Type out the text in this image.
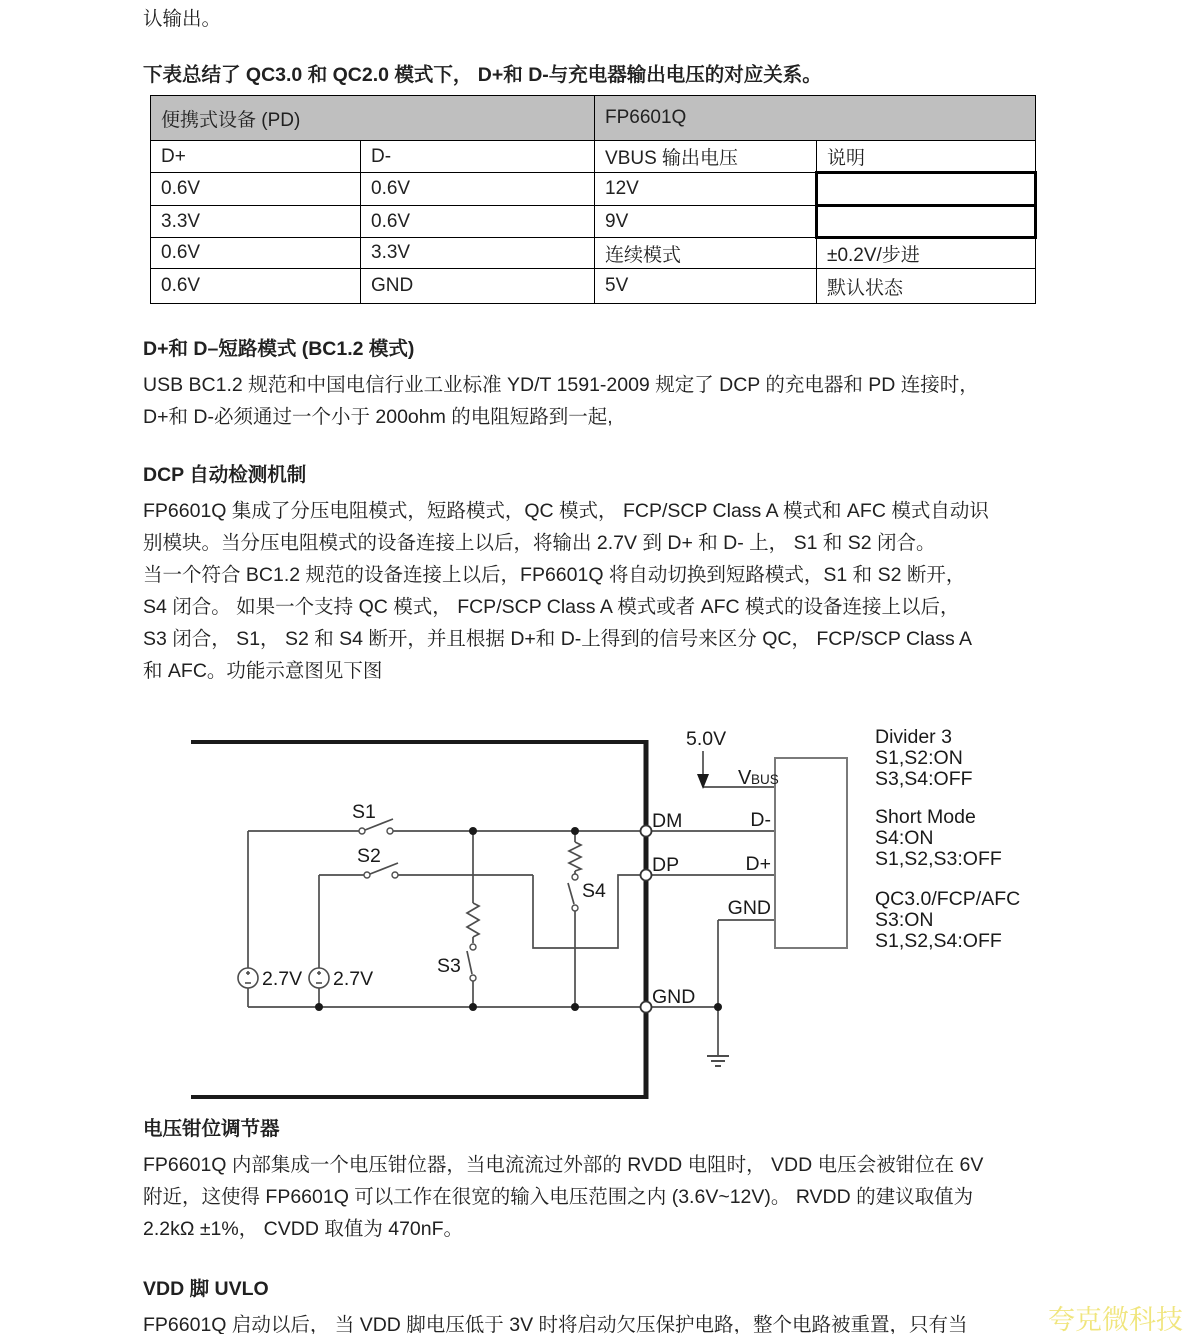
认输出。
下表总结了 QC3.0 和 QC2.0 模式下， D+和 D-与充电器输出电压的对应关系。
便携式设备 (PD)		FP6601Q	
D+	D-	VBUS 输出电压	说明
0.6V	0.6V	12V	
3.3V	0.6V	9V	
0.6V	3.3V	连续模式	±0.2V/步进
0.6V	GND	5V	默认状态
D+和 D–短路模式 (BC1.2 模式)
USB BC1.2 规范和中国电信行业工业标准 YD/T 1591-2009 规定了 DCP 的充电器和 PD 连接时，
D+和 D-必须通过一个小于 200ohm 的电阻短路到一起,
DCP 自动检测机制
FP6601Q 集成了分压电阻模式，短路模式，QC 模式， FCP/SCP Class A 模式和 AFC 模式自动识
别模块。当分压电阻模式的设备连接上以后，将输出 2.7V 到 D+ 和 D- 上， S1 和 S2 闭合。
当一个符合 BC1.2 规范的设备连接上以后，FP6601Q 将自动切换到短路模式，S1 和 S2 断开，
S4 闭合。 如果一个支持 QC 模式， FCP/SCP Class A 模式或者 AFC 模式的设备连接上以后，
S3 闭合， S1， S2 和 S4 断开，并且根据 D+和 D-上得到的信号来区分 QC， FCP/SCP Class A
和 AFC。功能示意图见下图
S1
S2
S3
S4
2.7V 2.7V
DM
DP
GND
5.0V
V BUS
D-
D+
GND
Divider 3
S1,S2:ON
S3,S4:OFF
Short Mode
S4:ON
S1,S2,S3:OFF
QC3.0/FCP/AFC
S3:ON
S1,S2,S4:OFF
电压钳位调节器
FP6601Q 内部集成一个电压钳位器，当电流流过外部的 RVDD 电阻时， VDD 电压会被钳位在 6V
附近，这使得 FP6601Q 可以工作在很宽的输入电压范围之内 (3.6V~12V)。 RVDD 的建议取值为
2.2kΩ ±1%， CVDD 取值为 470nF。
VDD 脚 UVLO
FP6601Q 启动以后， 当 VDD 脚电压低于 3V 时将启动欠压保护电路，整个电路被重置，只有当	夸克微科技
